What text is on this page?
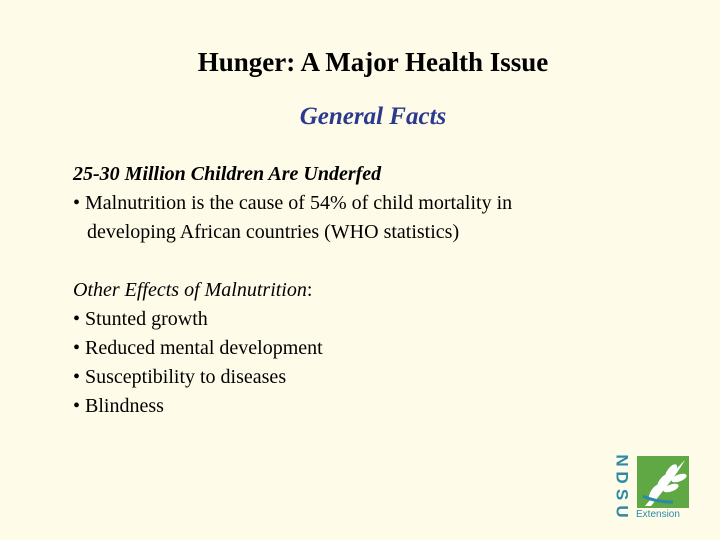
Hunger: A Major Health Issue
General Facts
25-30 Million Children Are Underfed
• Malnutrition is the cause of 54% of child mortality in
developing African countries (WHO statistics)
Other Effects of Malnutrition:
• Stunted growth
• Reduced mental development
• Susceptibility to diseases
• Blindness
N
D
S
U Extension
